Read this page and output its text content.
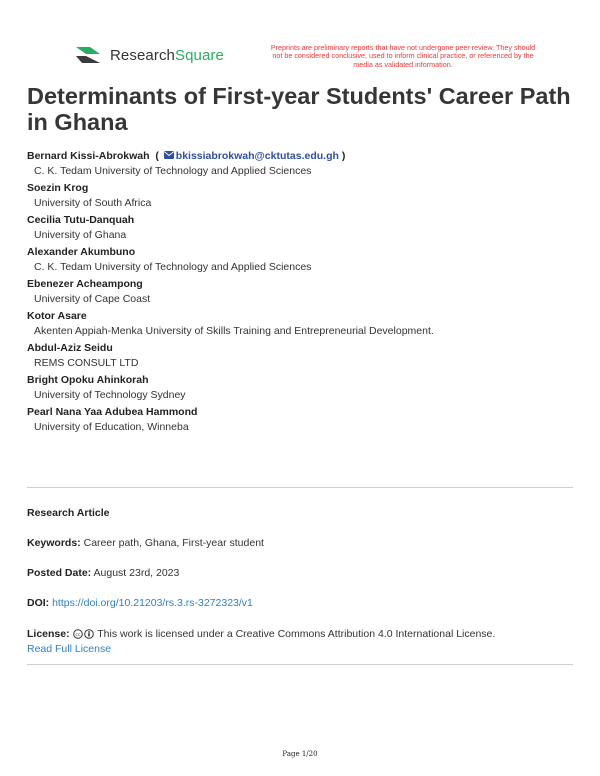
ResearchSquare	Preprints are preliminary reports that have not undergone peer review. They should not be considered conclusive, used to inform clinical practice, or referenced by the media as validated information.
Determinants of First-year Students' Career Path in Ghana
Bernard Kissi-Abrokwah  ( bkissiabrokwah@cktutas.edu.gh )
C. K. Tedam University of Technology and Applied Sciences
Soezin Krog
University of South Africa
Cecilia Tutu-Danquah
University of Ghana
Alexander Akumbuno
C. K. Tedam University of Technology and Applied Sciences
Ebenezer Acheampong
University of Cape Coast
Kotor Asare
Akenten Appiah-Menka University of Skills Training and Entrepreneurial Development.
Abdul-Aziz Seidu
REMS CONSULT LTD
Bright Opoku Ahinkorah
University of Technology Sydney
Pearl Nana Yaa Adubea Hammond
University of Education, Winneba
Research Article
Keywords: Career path, Ghana, First-year student
Posted Date: August 23rd, 2023
DOI: https://doi.org/10.21203/rs.3.rs-3272323/v1
License: cc This work is licensed under a Creative Commons Attribution 4.0 International License.
Read Full License
Page 1/20
